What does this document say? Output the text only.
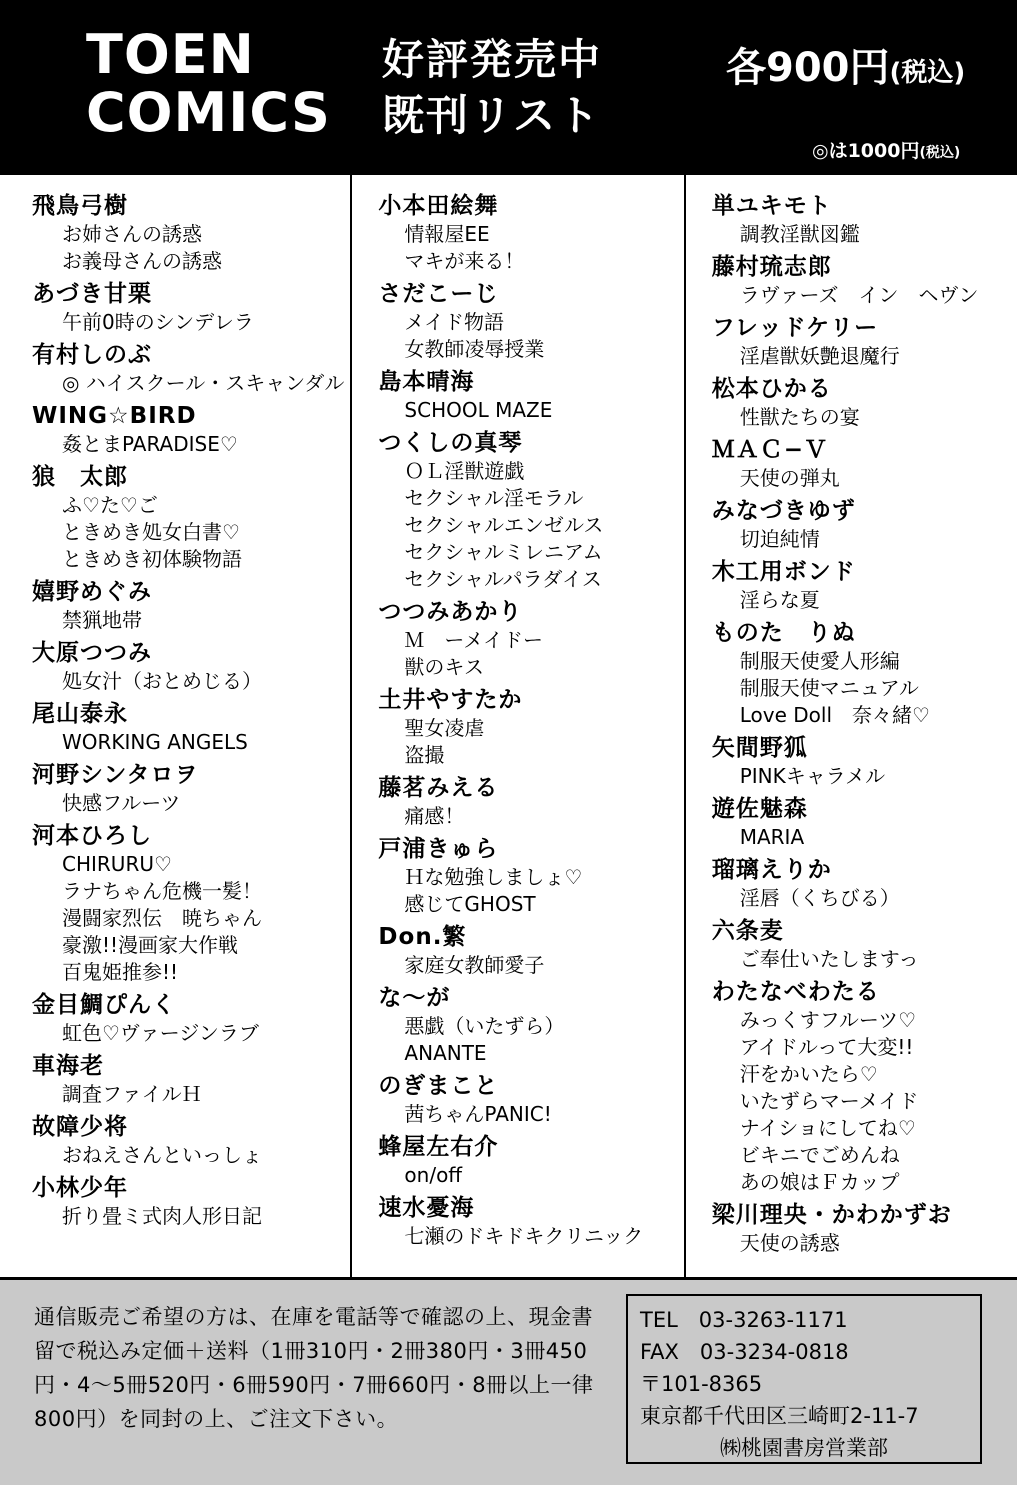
TOEN
COMICS
好評発売中
既刊リスト
各900円(税込)
◎は1000円(税込)
飛鳥弓樹
お姉さんの誘惑
お義母さんの誘惑
あづき甘栗
午前0時のシンデレラ
有村しのぶ
◎ ハイスクール・スキャンダル
WING☆BIRD
姦とまPARADISE♡
狼　太郎
ふ♡た♡ご
ときめき処女白書♡
ときめき初体験物語
嬉野めぐみ
禁猟地帯
大原つつみ
処女汁（おとめじる）
尾山泰永
WORKING ANGELS
河野シンタロヲ
快感フルーツ
河本ひろし
CHIRURU♡
ラナちゃん危機一髪！
漫闘家烈伝　暁ちゃん
豪激!!漫画家大作戦
百鬼姫推参!!
金目鯛ぴんく
虹色♡ヴァージンラブ
車海老
調査ファイルＨ
故障少将
おねえさんといっしょ
小林少年
折り畳ミ式肉人形日記
小本田絵舞
情報屋EE
マキが来る！
さだこーじ
メイド物語
女教師凌辱授業
島本晴海
SCHOOL MAZE
つくしの真琴
ＯＬ淫獣遊戯
セクシャル淫モラル
セクシャルエンゼルス
セクシャルミレニアム
セクシャルパラダイス
つつみあかり
Ｍ　ーメイドー
獣のキス
土井やすたか
聖女凌虐
盗撮
藤茗みえる
痛感！
戸浦きゅら
Ｈな勉強しましょ♡
感じてGHOST
Don.繁
家庭女教師愛子
な〜が
悪戯（いたずら）
ANANTE
のぎまこと
茜ちゃんPANIC!
蜂屋左右介
on/off
速水憂海
七瀬のドキドキクリニック
単ユキモト
調教淫獣図鑑
藤村琉志郎
ラヴァーズ　イン　ヘヴン
フレッドケリー
淫虐獣妖艶退魔行
松本ひかる
性獣たちの宴
ＭＡＣ−Ｖ
天使の弾丸
みなづきゆず
切迫純情
木工用ボンド
淫らな夏
ものた　りぬ
制服天使愛人形編
制服天使マニュアル
Love Doll　奈々緒♡
矢間野狐
PINKキャラメル
遊佐魅森
MARIA
瑠璃えりか
淫唇（くちびる）
六条麦
ご奉仕いたしますっ
わたなべわたる
みっくすフルーツ♡
アイドルって大変!!
汗をかいたら♡
いたずらマーメイド
ナイショにしてね♡
ビキニでごめんね
あの娘はＦカップ
梁川理央・かわかずお
天使の誘惑
通信販売ご希望の方は、在庫を電話等で確認の上、現金書留で税込み定価＋送料（1冊310円・2冊380円・3冊450円・4〜5冊520円・6冊590円・7冊660円・8冊以上一律800円）を同封の上、ご注文下さい。
TEL　03-3263-1171
FAX　03-3234-0818
〒101-8365
東京都千代田区三崎町2-11-7
㈱桃園書房営業部
